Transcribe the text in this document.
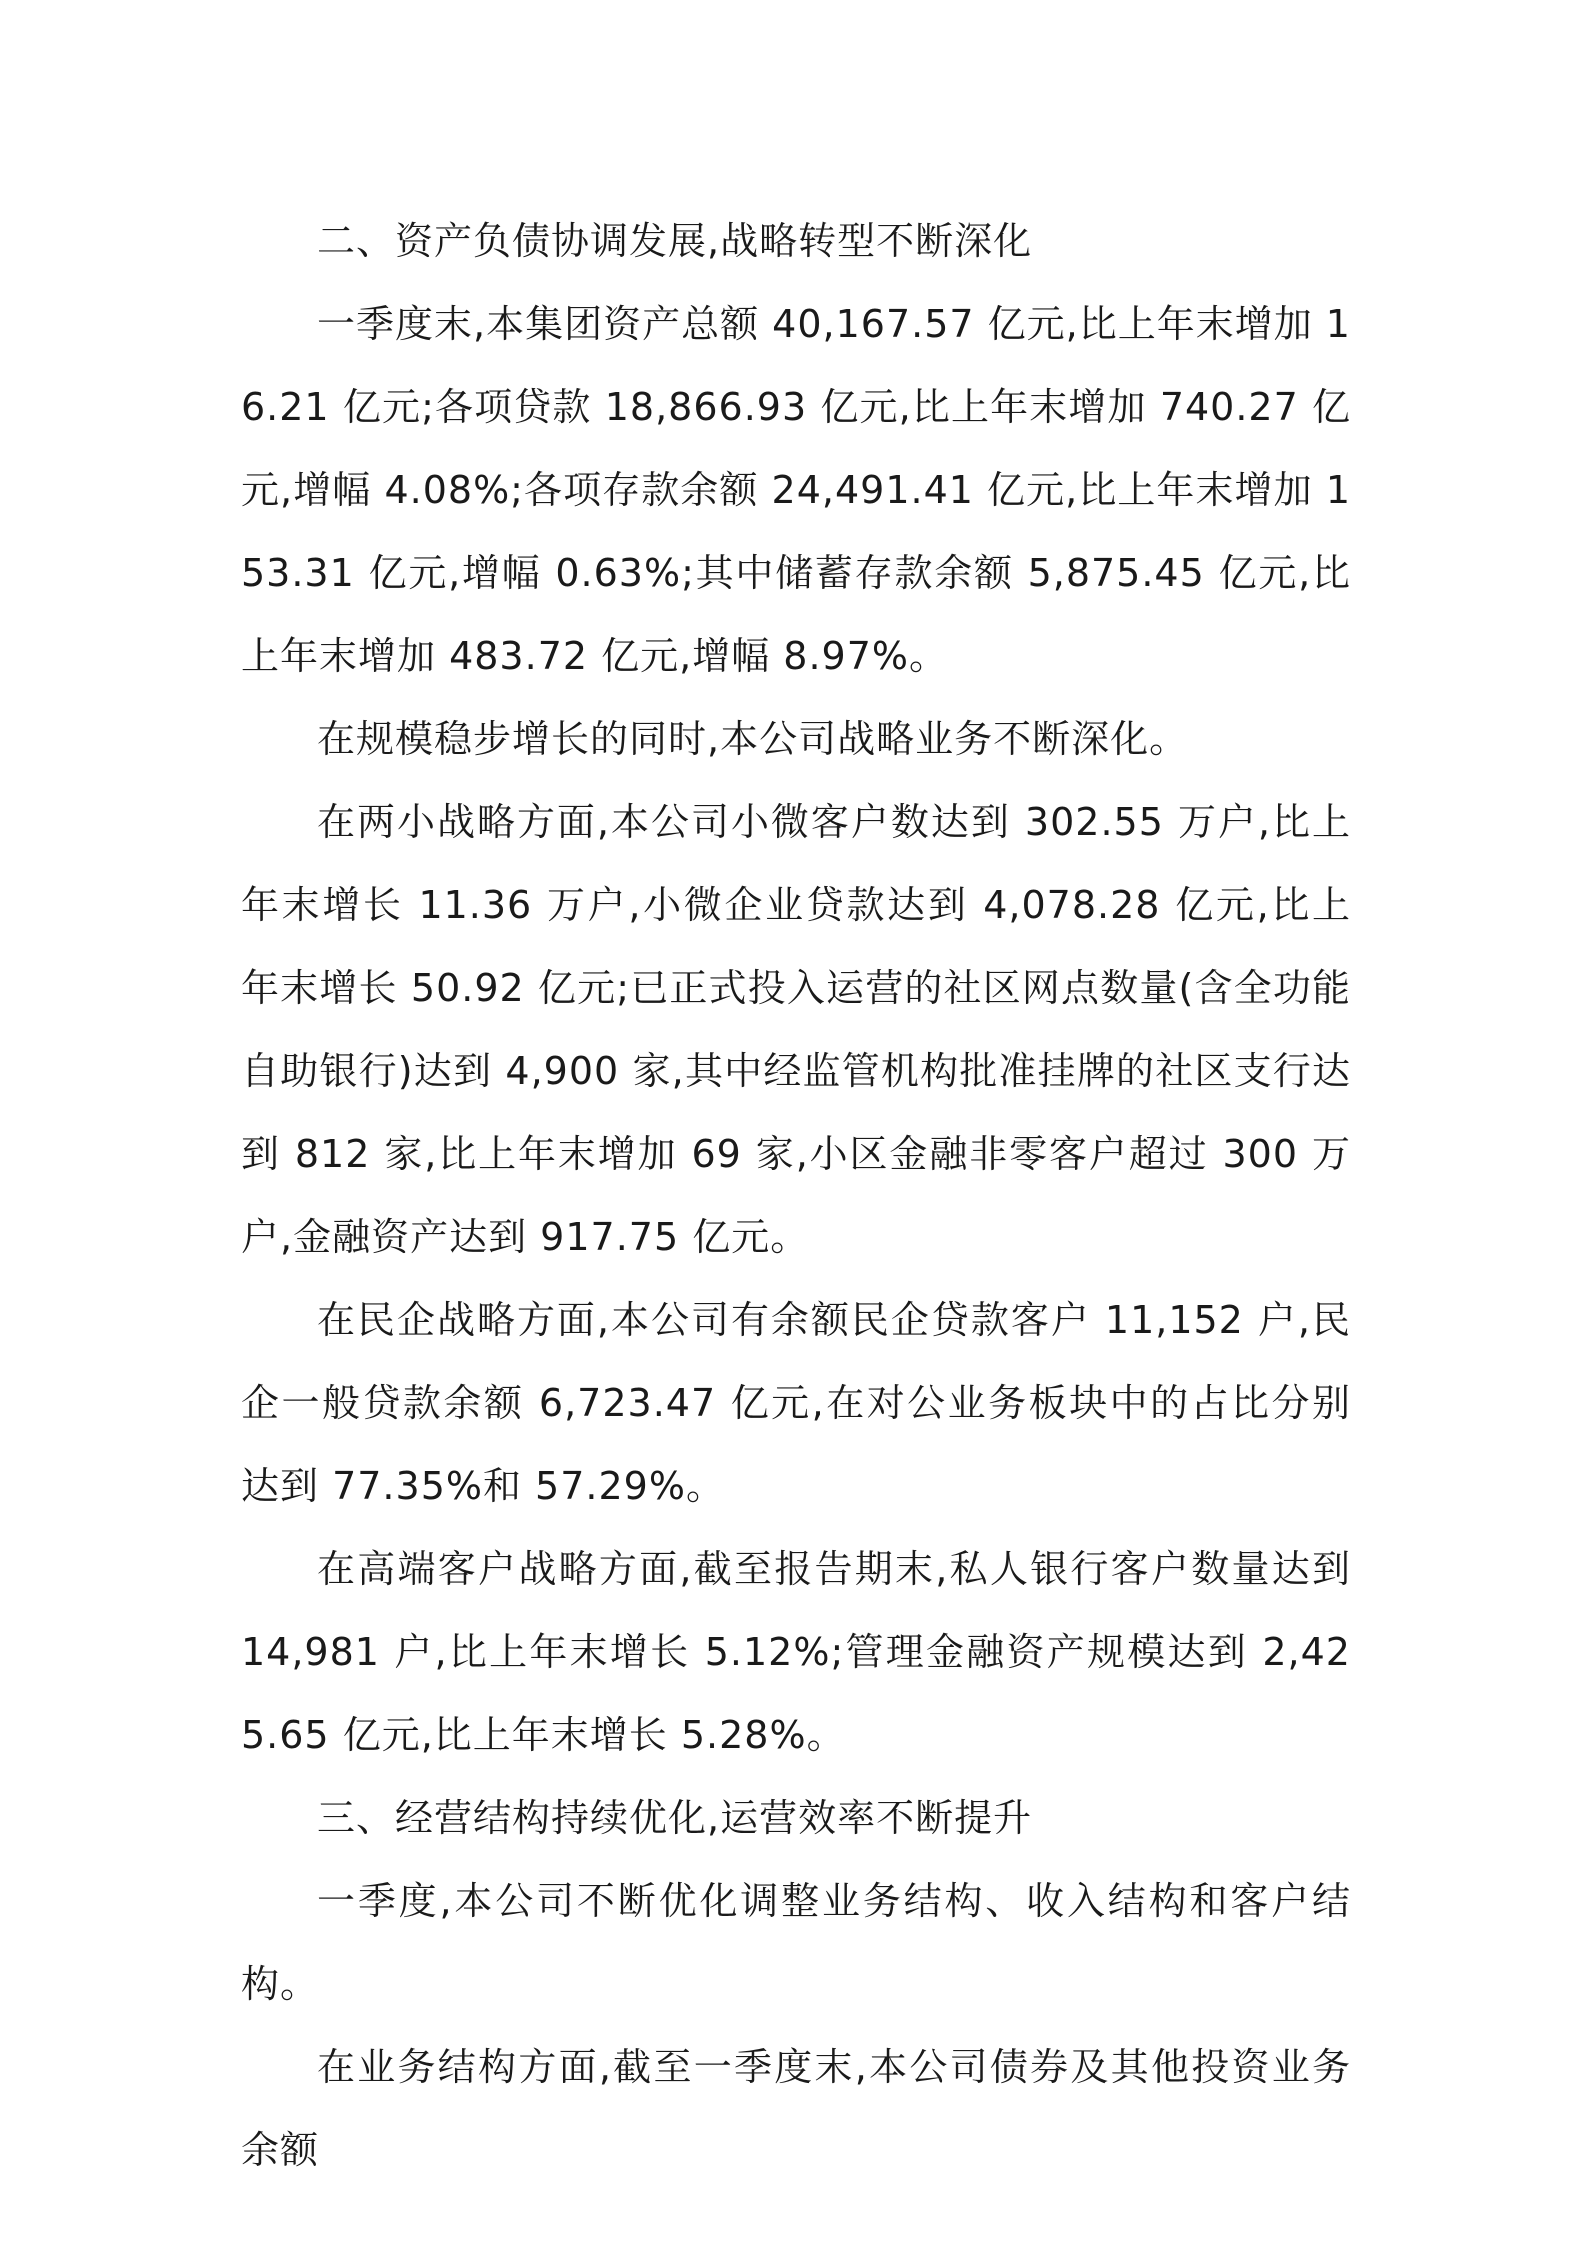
二、资产负债协调发展,战略转型不断深化

一季度末,本集团资产总额 40,167.57 亿元,比上年末增加 16.21 亿元;各项贷款 18,866.93 亿元,比上年末增加 740.27 亿元,增幅 4.08%;各项存款余额 24,491.41 亿元,比上年末增加 153.31 亿元,增幅 0.63%;其中储蓄存款余额 5,875.45 亿元,比上年末增加 483.72 亿元,增幅 8.97%。

在规模稳步增长的同时,本公司战略业务不断深化。

在两小战略方面,本公司小微客户数达到 302.55 万户,比上年末增长 11.36 万户,小微企业贷款达到 4,078.28 亿元,比上年末增长 50.92 亿元;已正式投入运营的社区网点数量(含全功能自助银行)达到 4,900 家,其中经监管机构批准挂牌的社区支行达到 812 家,比上年末增加 69 家,小区金融非零客户超过 300 万户,金融资产达到 917.75 亿元。

在民企战略方面,本公司有余额民企贷款客户 11,152 户,民企一般贷款余额 6,723.47 亿元,在对公业务板块中的占比分别达到 77.35%和 57.29%。

在高端客户战略方面,截至报告期末,私人银行客户数量达到 14,981 户,比上年末增长 5.12%;管理金融资产规模达到 2,425.65 亿元,比上年末增长 5.28%。

三、经营结构持续优化,运营效率不断提升

一季度,本公司不断优化调整业务结构、收入结构和客户结构。

在业务结构方面,截至一季度末,本公司债券及其他投资业务余额
